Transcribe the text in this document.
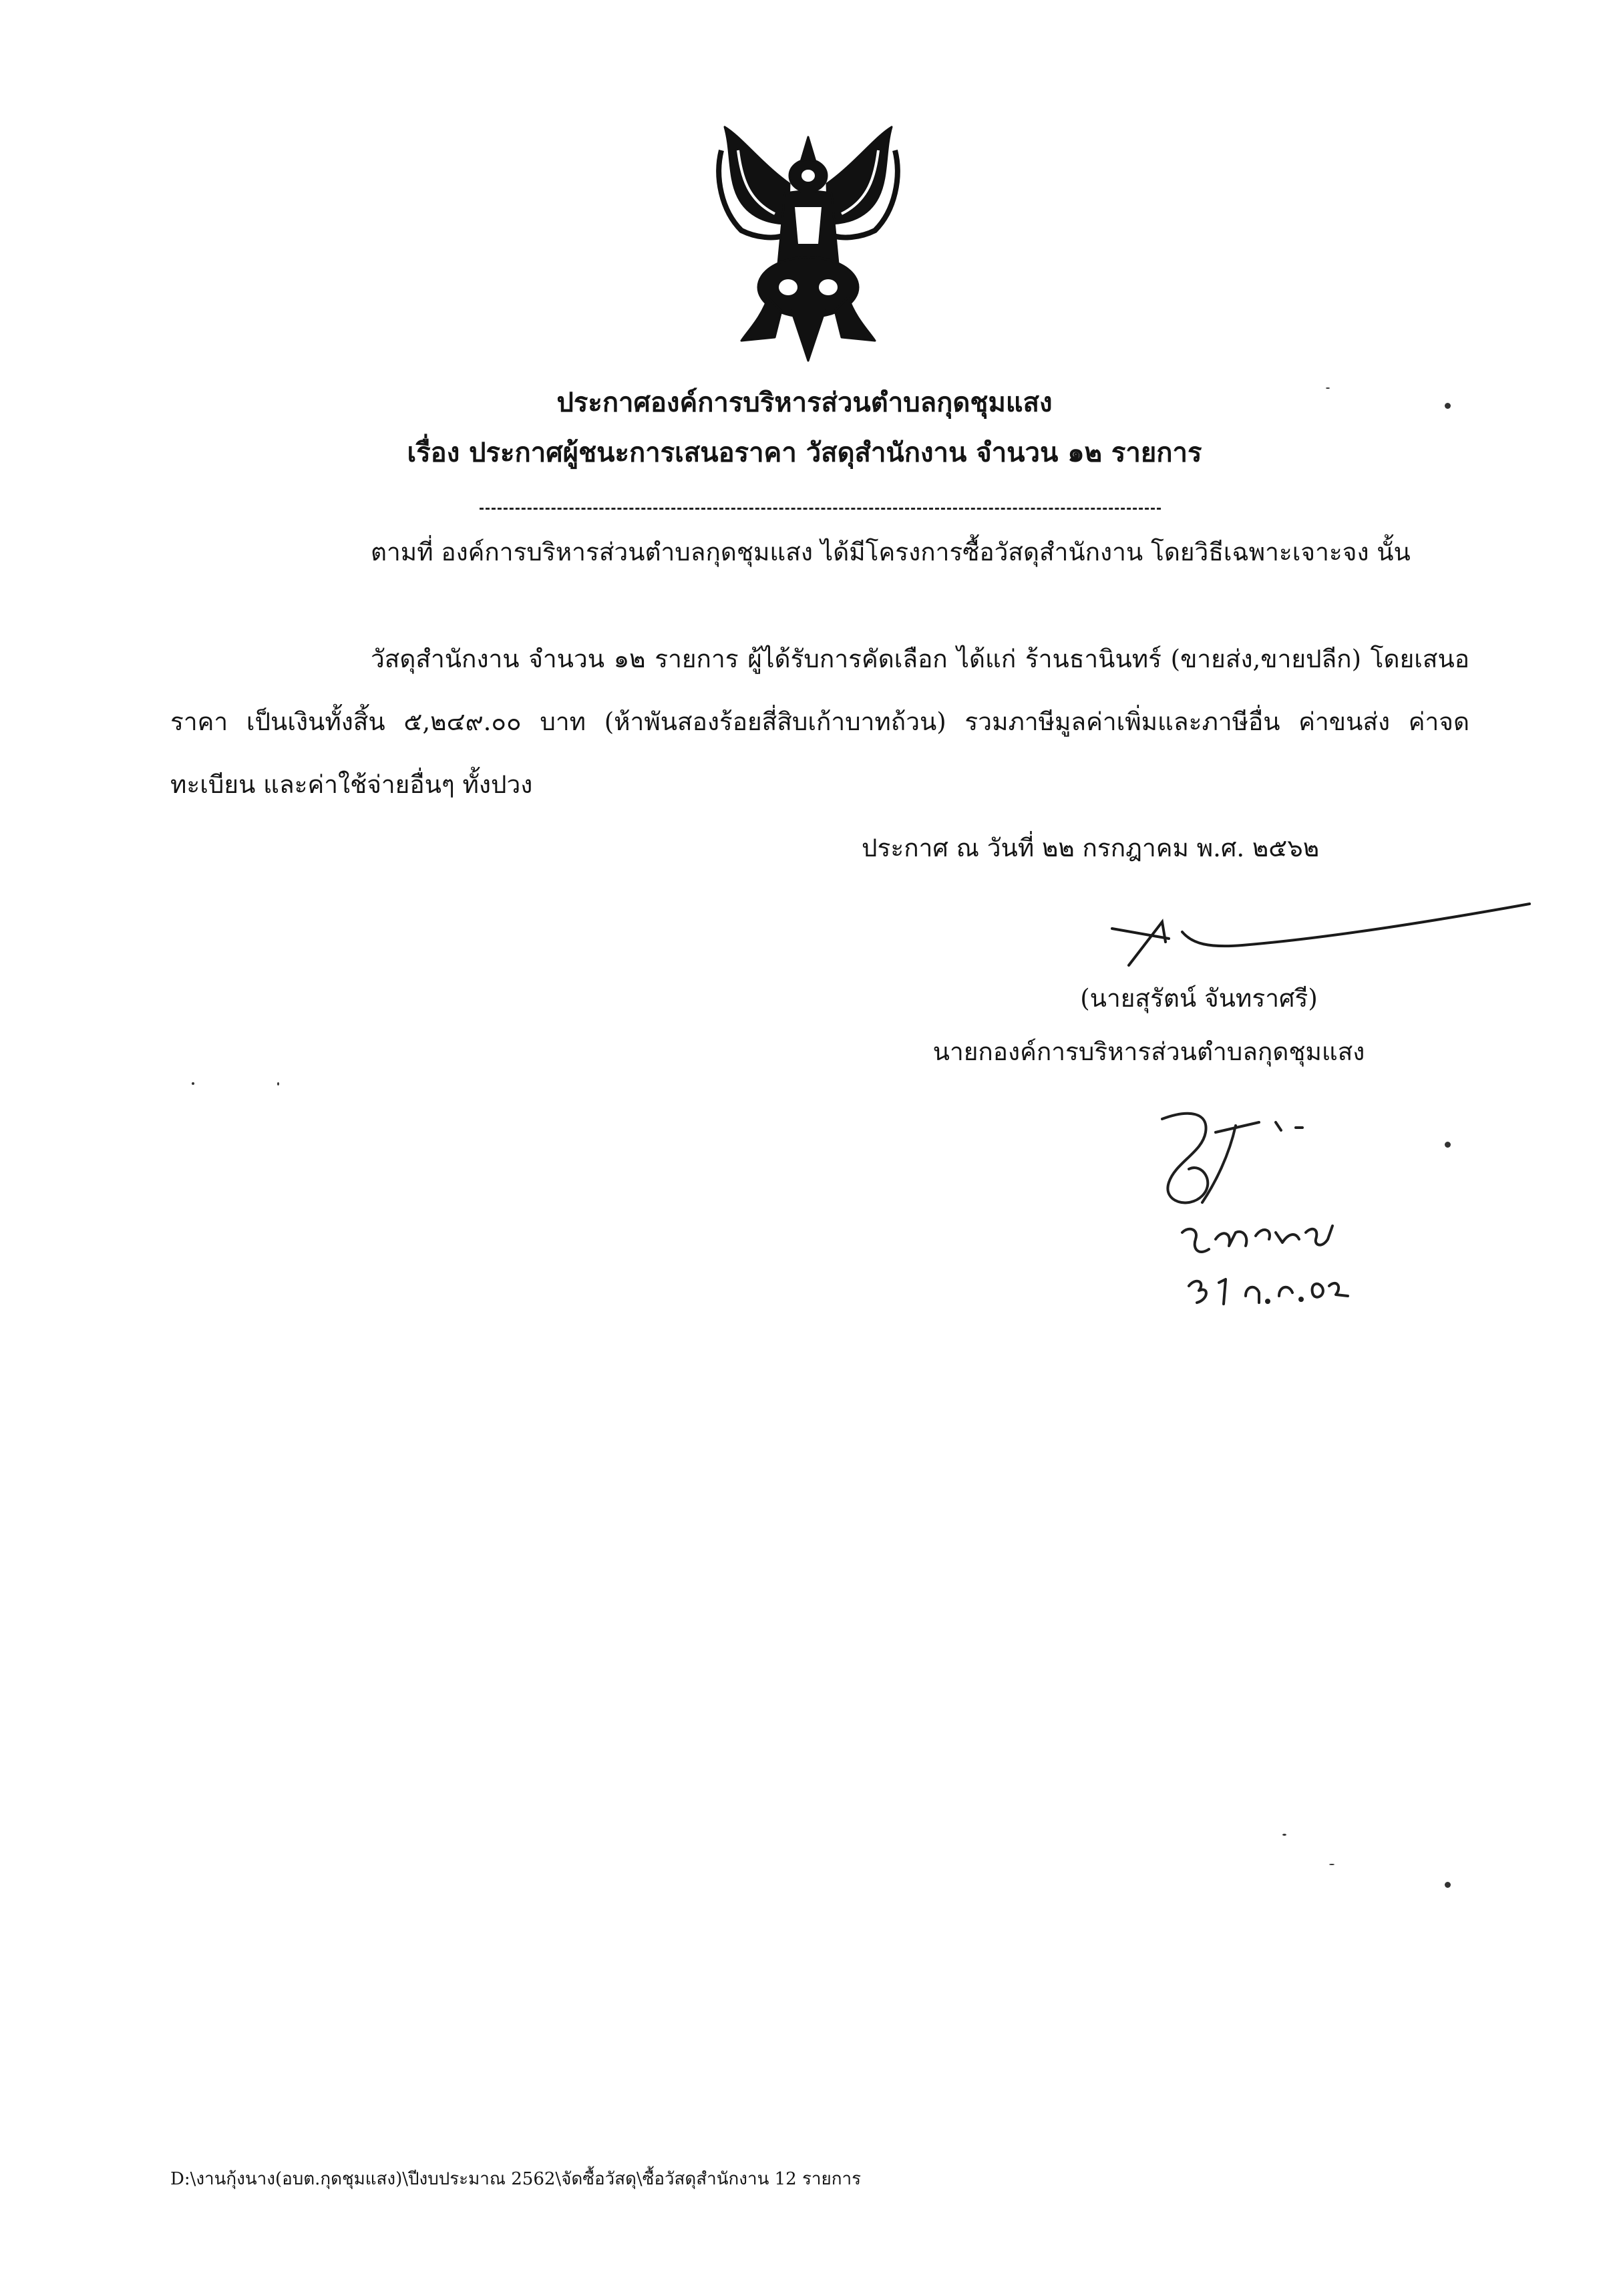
ประกาศองค์การบริหารส่วนตำบลกุดชุมแสง
เรื่อง ประกาศผู้ชนะการเสนอราคา วัสดุสำนักงาน จำนวน ๑๒ รายการ
ตามที่ องค์การบริหารส่วนตำบลกุดชุมแสง ได้มีโครงการซื้อวัสดุสำนักงาน โดยวิธีเฉพาะเจาะจง นั้น
วัสดุสำนักงาน จำนวน ๑๒ รายการ ผู้ได้รับการคัดเลือก ได้แก่ ร้านธานินทร์ (ขายส่ง,ขายปลีก) โดยเสนอราคา เป็นเงินทั้งสิ้น ๕,๒๔๙.๐๐ บาท (ห้าพันสองร้อยสี่สิบเก้าบาทถ้วน) รวมภาษีมูลค่าเพิ่มและภาษีอื่น ค่าขนส่ง ค่าจดทะเบียน และค่าใช้จ่ายอื่นๆ ทั้งปวง
ประกาศ ณ วันที่ ๒๒ กรกฎาคม พ.ศ. ๒๕๖๒
(นายสุรัตน์ จันทราศรี)
นายกองค์การบริหารส่วนตำบลกุดชุมแสง
D:\งานกุ้งนาง(อบต.กุดชุมแสง)\ปีงบประมาณ 2562\จัดซื้อวัสดุ\ซื้อวัสดุสำนักงาน 12 รายการ
